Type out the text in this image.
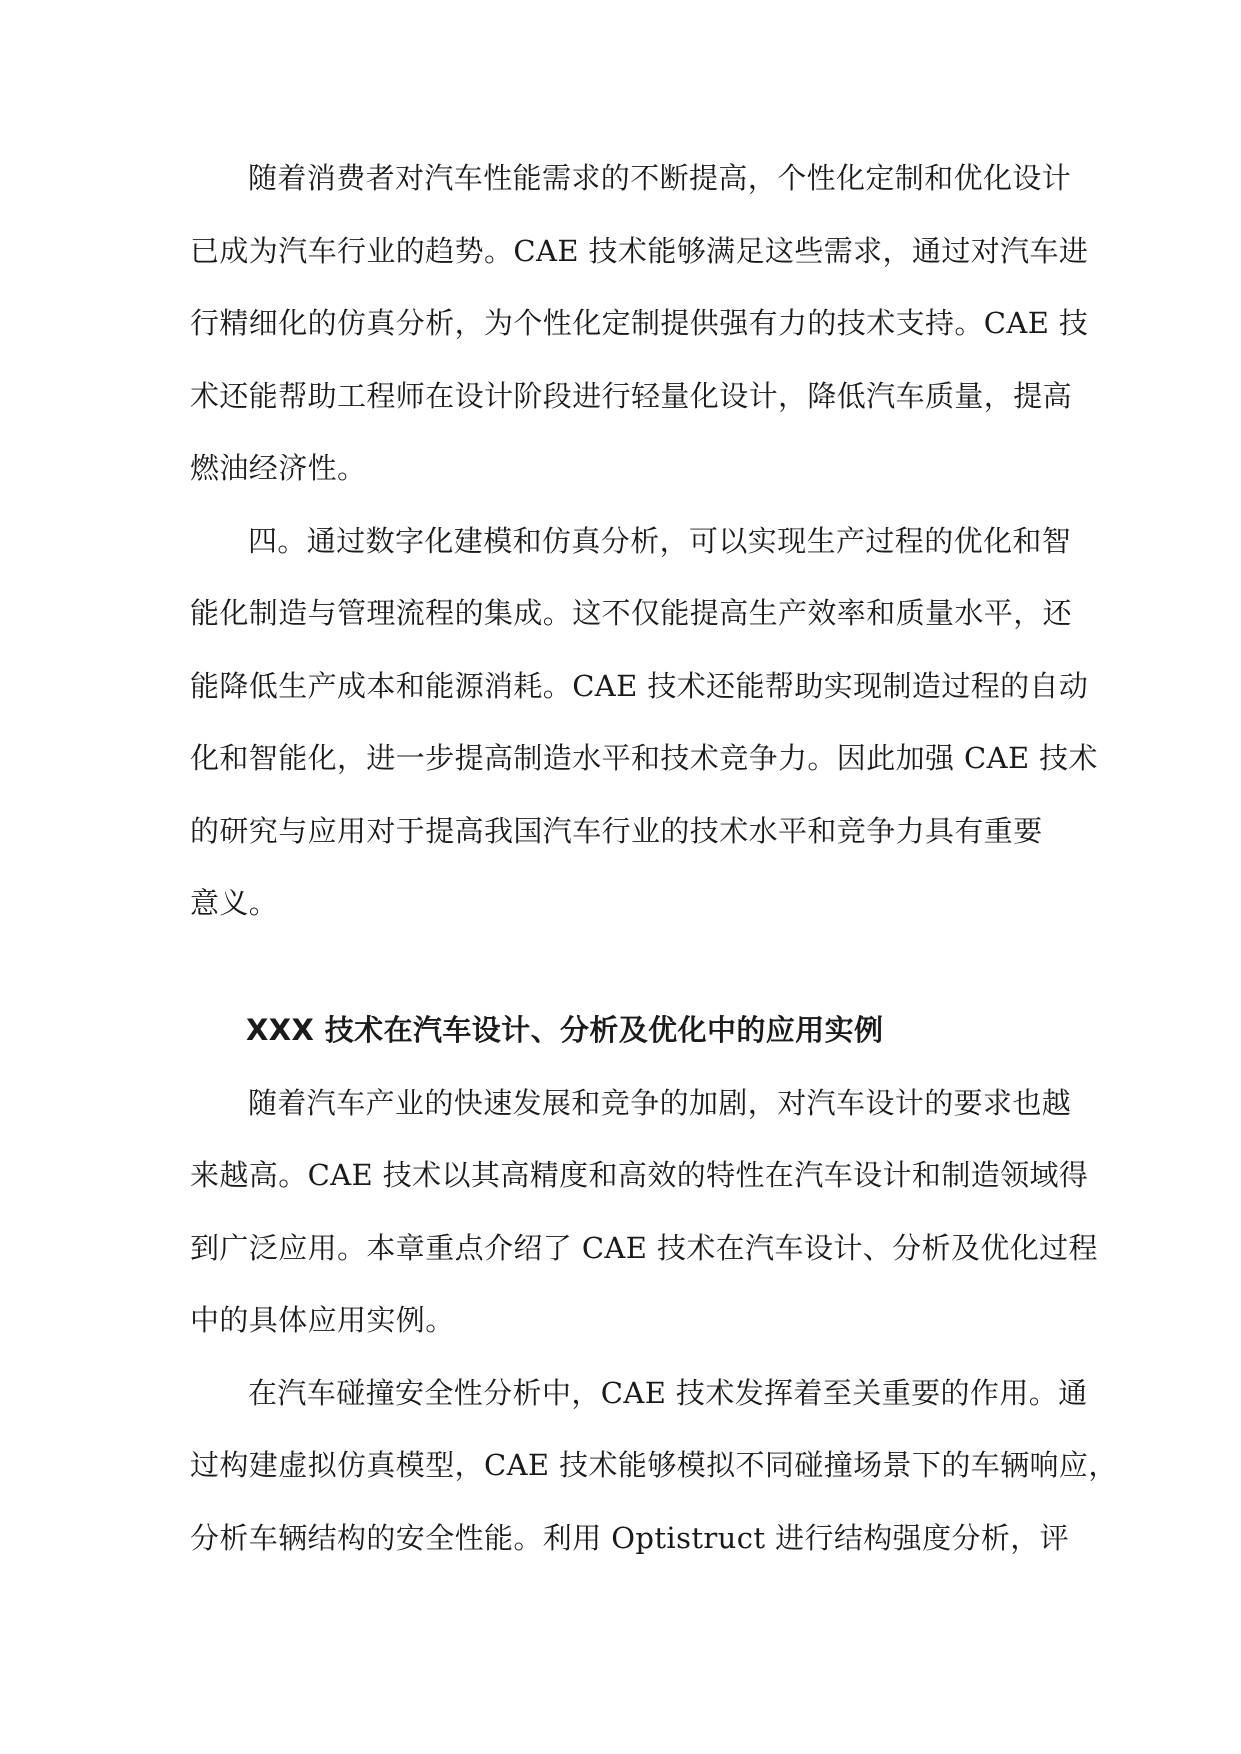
随着消费者对汽车性能需求的不断提高，个性化定制和优化设计
已成为汽车行业的趋势。CAE 技术能够满足这些需求，通过对汽车进
行精细化的仿真分析，为个性化定制提供强有力的技术支持。CAE 技
术还能帮助工程师在设计阶段进行轻量化设计，降低汽车质量，提高
燃油经济性。
四。通过数字化建模和仿真分析，可以实现生产过程的优化和智
能化制造与管理流程的集成。这不仅能提高生产效率和质量水平，还
能降低生产成本和能源消耗。CAE 技术还能帮助实现制造过程的自动
化和智能化，进一步提高制造水平和技术竞争力。因此加强 CAE 技术
的研究与应用对于提高我国汽车行业的技术水平和竞争力具有重要
意义。
XXX 技术在汽车设计、分析及优化中的应用实例
随着汽车产业的快速发展和竞争的加剧，对汽车设计的要求也越
来越高。CAE 技术以其高精度和高效的特性在汽车设计和制造领域得
到广泛应用。本章重点介绍了 CAE 技术在汽车设计、分析及优化过程
中的具体应用实例。
在汽车碰撞安全性分析中，CAE 技术发挥着至关重要的作用。通
过构建虚拟仿真模型，CAE 技术能够模拟不同碰撞场景下的车辆响应，
分析车辆结构的安全性能。利用 Optistruct 进行结构强度分析，评
